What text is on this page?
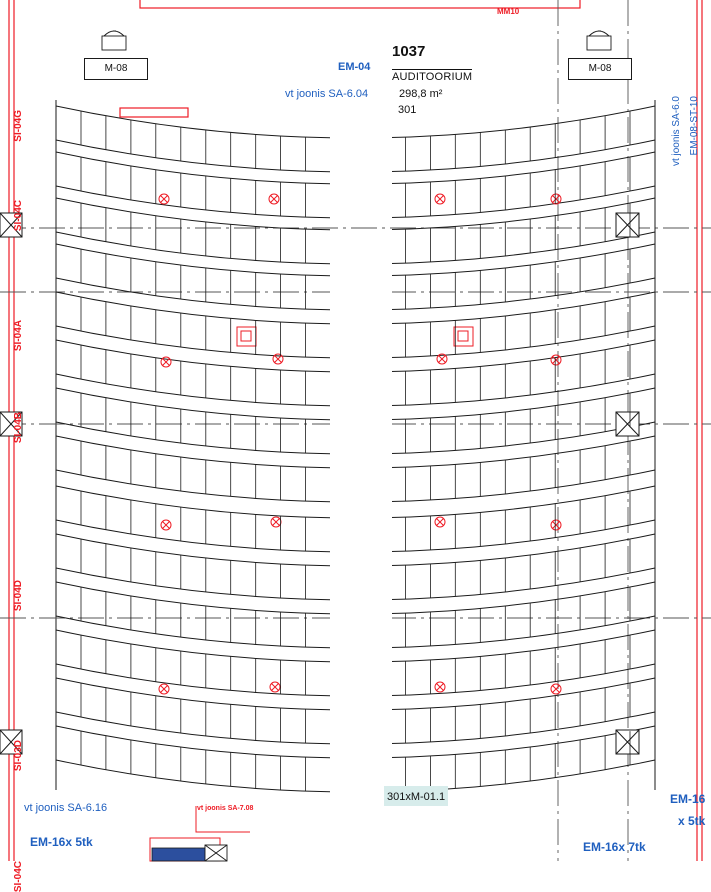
M-08	M-08
1037
AUDITOORIUM
vt joonis SA-6.04	298,8 m²
301
EM-04
MM10
SI-04G
SI-04C
SI-04A
SI-04B
SI-04D
SI-03D
SI-04C
vt joonis SA-6.0 EM-08-ST-10
vt joonis SA-6.16	vt joonis SA-7.08
EM-16x 5tk
301xM-01.1	EM-16
x 5tk
EM-16x 7tk
